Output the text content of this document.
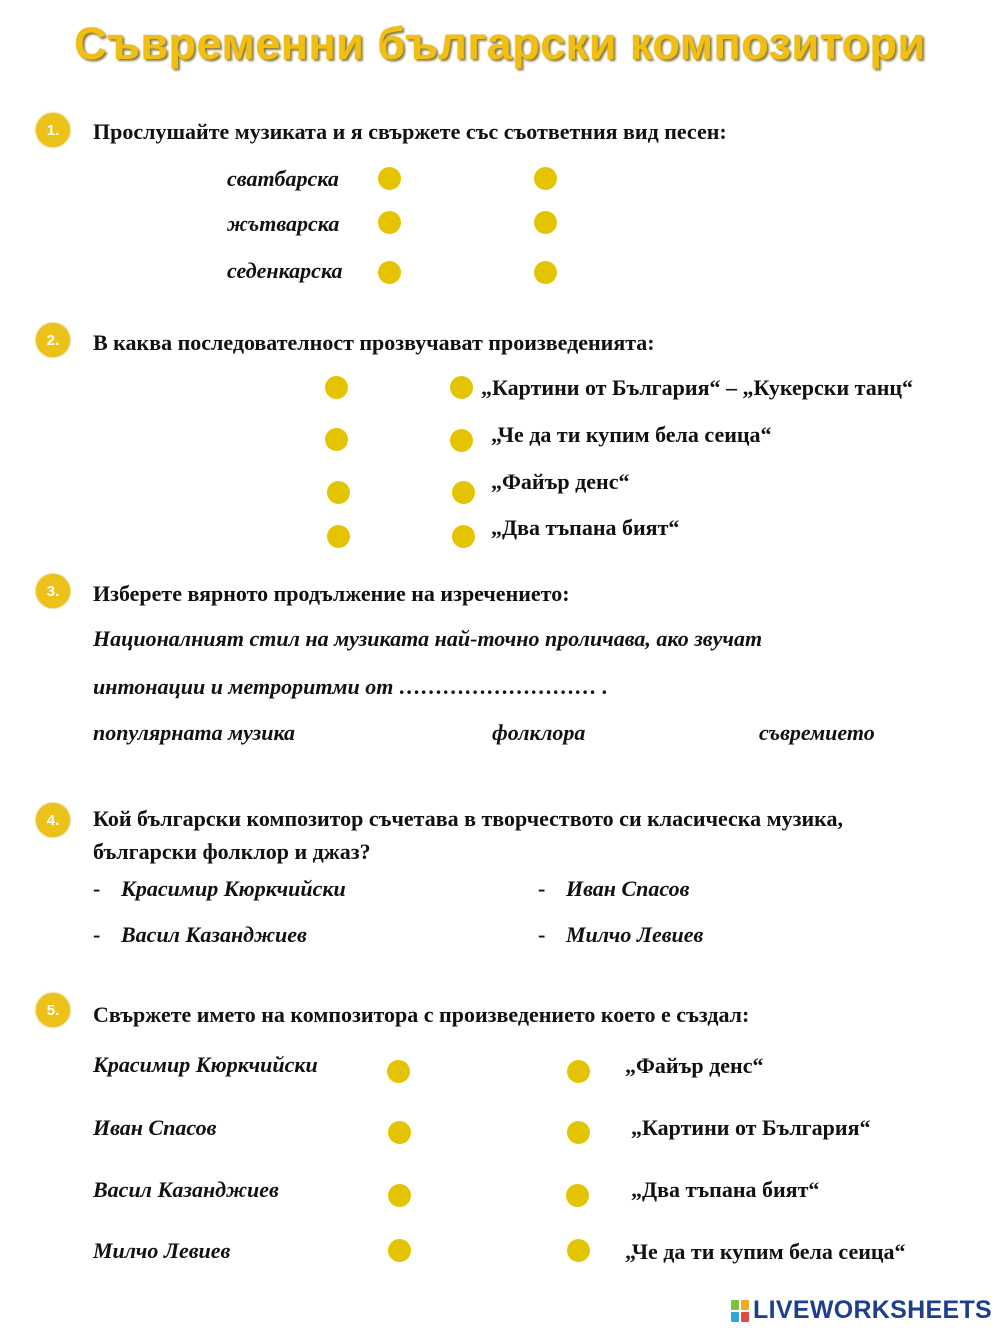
Съвременни български композитори
1.	Прослушайте музиката и я свържете със съответния вид песен:
сватбарска
жътварска
седенкарска
2.	В каква последователност прозвучават произведенията:
„Картини от България“ – „Кукерски танц“
„Че да ти купим бела сеица“
„Файър денс“
„Два тъпана бият“
3.	Изберете вярното продължение на изречението:
Националният стил на музиката най-точно проличава, ако звучат
интонации и метроритми от ……………………… .
популярната музика	фолклора	съвремието
4.	Кой български композитор съчетава в творчеството си класическа музика,
български фолклор и джаз?
- Красимир Кюркчийски	- Иван Спасов
- Васил Казанджиев	- Милчо Левиев
5.	Свържете името на композитора с произведението което е създал:
Красимир Кюркчийски
Иван Спасов
Васил Казанджиев
Милчо Левиев
„Файър денс“
„Картини от България“
„Два тъпана бият“
„Че да ти купим бела сеица“
LIVEWORKSHEETS
